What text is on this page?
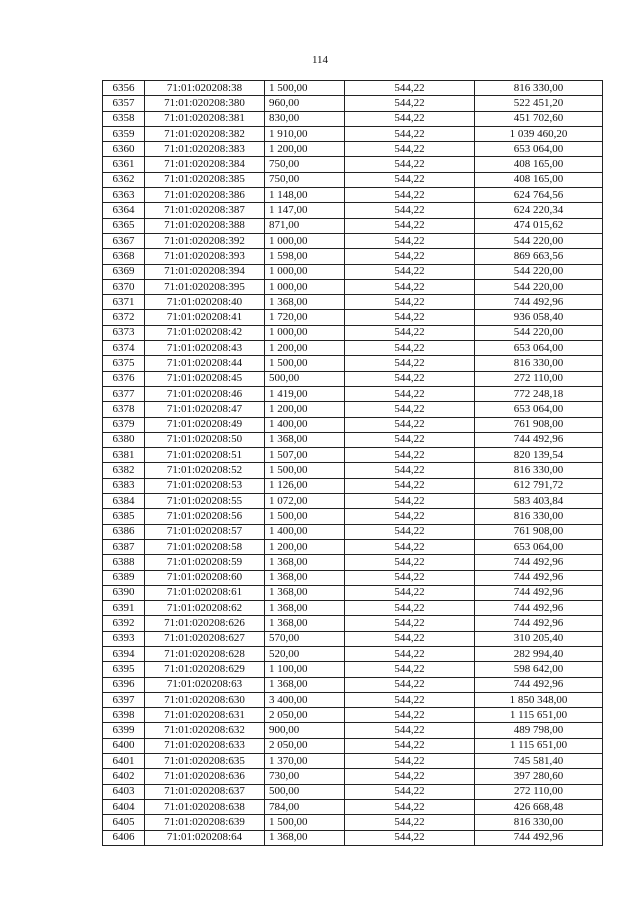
114
6356	71:01:020208:38	1 500,00	544,22	816 330,00
6357	71:01:020208:380	960,00	544,22	522 451,20
6358	71:01:020208:381	830,00	544,22	451 702,60
6359	71:01:020208:382	1 910,00	544,22	1 039 460,20
6360	71:01:020208:383	1 200,00	544,22	653 064,00
6361	71:01:020208:384	750,00	544,22	408 165,00
6362	71:01:020208:385	750,00	544,22	408 165,00
6363	71:01:020208:386	1 148,00	544,22	624 764,56
6364	71:01:020208:387	1 147,00	544,22	624 220,34
6365	71:01:020208:388	871,00	544,22	474 015,62
6367	71:01:020208:392	1 000,00	544,22	544 220,00
6368	71:01:020208:393	1 598,00	544,22	869 663,56
6369	71:01:020208:394	1 000,00	544,22	544 220,00
6370	71:01:020208:395	1 000,00	544,22	544 220,00
6371	71:01:020208:40	1 368,00	544,22	744 492,96
6372	71:01:020208:41	1 720,00	544,22	936 058,40
6373	71:01:020208:42	1 000,00	544,22	544 220,00
6374	71:01:020208:43	1 200,00	544,22	653 064,00
6375	71:01:020208:44	1 500,00	544,22	816 330,00
6376	71:01:020208:45	500,00	544,22	272 110,00
6377	71:01:020208:46	1 419,00	544,22	772 248,18
6378	71:01:020208:47	1 200,00	544,22	653 064,00
6379	71:01:020208:49	1 400,00	544,22	761 908,00
6380	71:01:020208:50	1 368,00	544,22	744 492,96
6381	71:01:020208:51	1 507,00	544,22	820 139,54
6382	71:01:020208:52	1 500,00	544,22	816 330,00
6383	71:01:020208:53	1 126,00	544,22	612 791,72
6384	71:01:020208:55	1 072,00	544,22	583 403,84
6385	71:01:020208:56	1 500,00	544,22	816 330,00
6386	71:01:020208:57	1 400,00	544,22	761 908,00
6387	71:01:020208:58	1 200,00	544,22	653 064,00
6388	71:01:020208:59	1 368,00	544,22	744 492,96
6389	71:01:020208:60	1 368,00	544,22	744 492,96
6390	71:01:020208:61	1 368,00	544,22	744 492,96
6391	71:01:020208:62	1 368,00	544,22	744 492,96
6392	71:01:020208:626	1 368,00	544,22	744 492,96
6393	71:01:020208:627	570,00	544,22	310 205,40
6394	71:01:020208:628	520,00	544,22	282 994,40
6395	71:01:020208:629	1 100,00	544,22	598 642,00
6396	71:01:020208:63	1 368,00	544,22	744 492,96
6397	71:01:020208:630	3 400,00	544,22	1 850 348,00
6398	71:01:020208:631	2 050,00	544,22	1 115 651,00
6399	71:01:020208:632	900,00	544,22	489 798,00
6400	71:01:020208:633	2 050,00	544,22	1 115 651,00
6401	71:01:020208:635	1 370,00	544,22	745 581,40
6402	71:01:020208:636	730,00	544,22	397 280,60
6403	71:01:020208:637	500,00	544,22	272 110,00
6404	71:01:020208:638	784,00	544,22	426 668,48
6405	71:01:020208:639	1 500,00	544,22	816 330,00
6406	71:01:020208:64	1 368,00	544,22	744 492,96
